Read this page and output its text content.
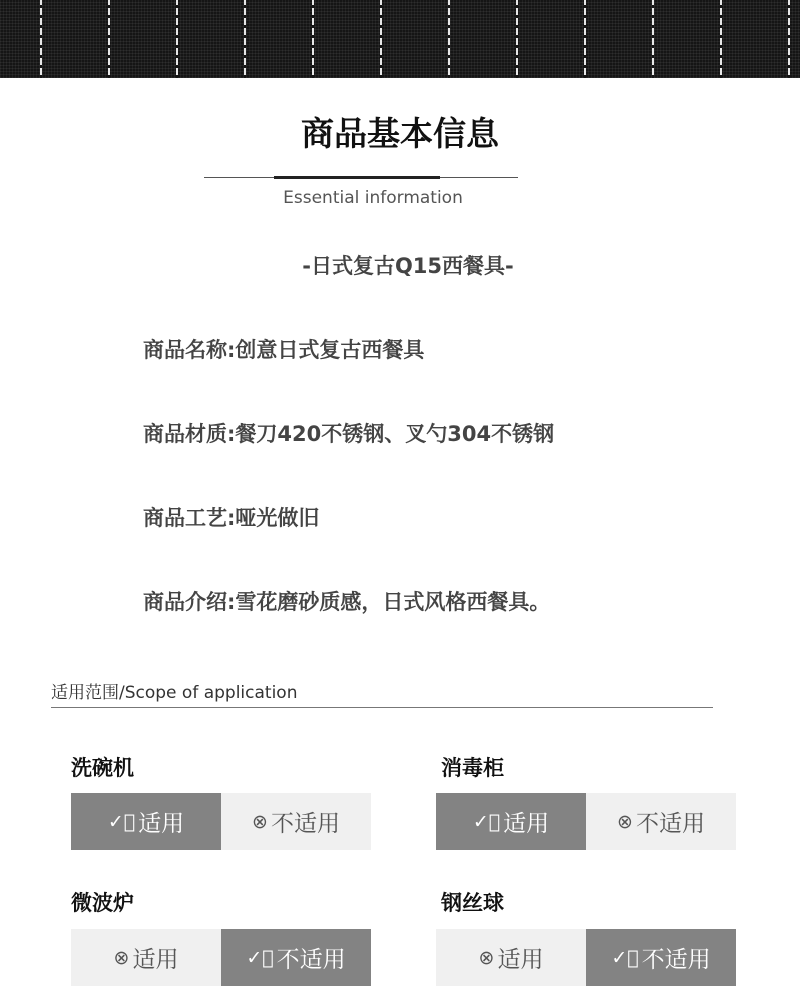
商品基本信息
Essential information
-日式复古Q15西餐具-
商品名称:创意日式复古西餐具
商品材质:餐刀420不锈钢、叉勺304不锈钢
商品工艺:哑光做旧
商品介绍:雪花磨砂质感，日式风格西餐具。
适用范围/Scope of application
洗碗机
✓⃝ 适用	⊗ 不适用
消毒柜
✓⃝ 适用	⊗ 不适用
微波炉
⊗ 适用	✓⃝ 不适用
钢丝球
⊗ 适用	✓⃝ 不适用
